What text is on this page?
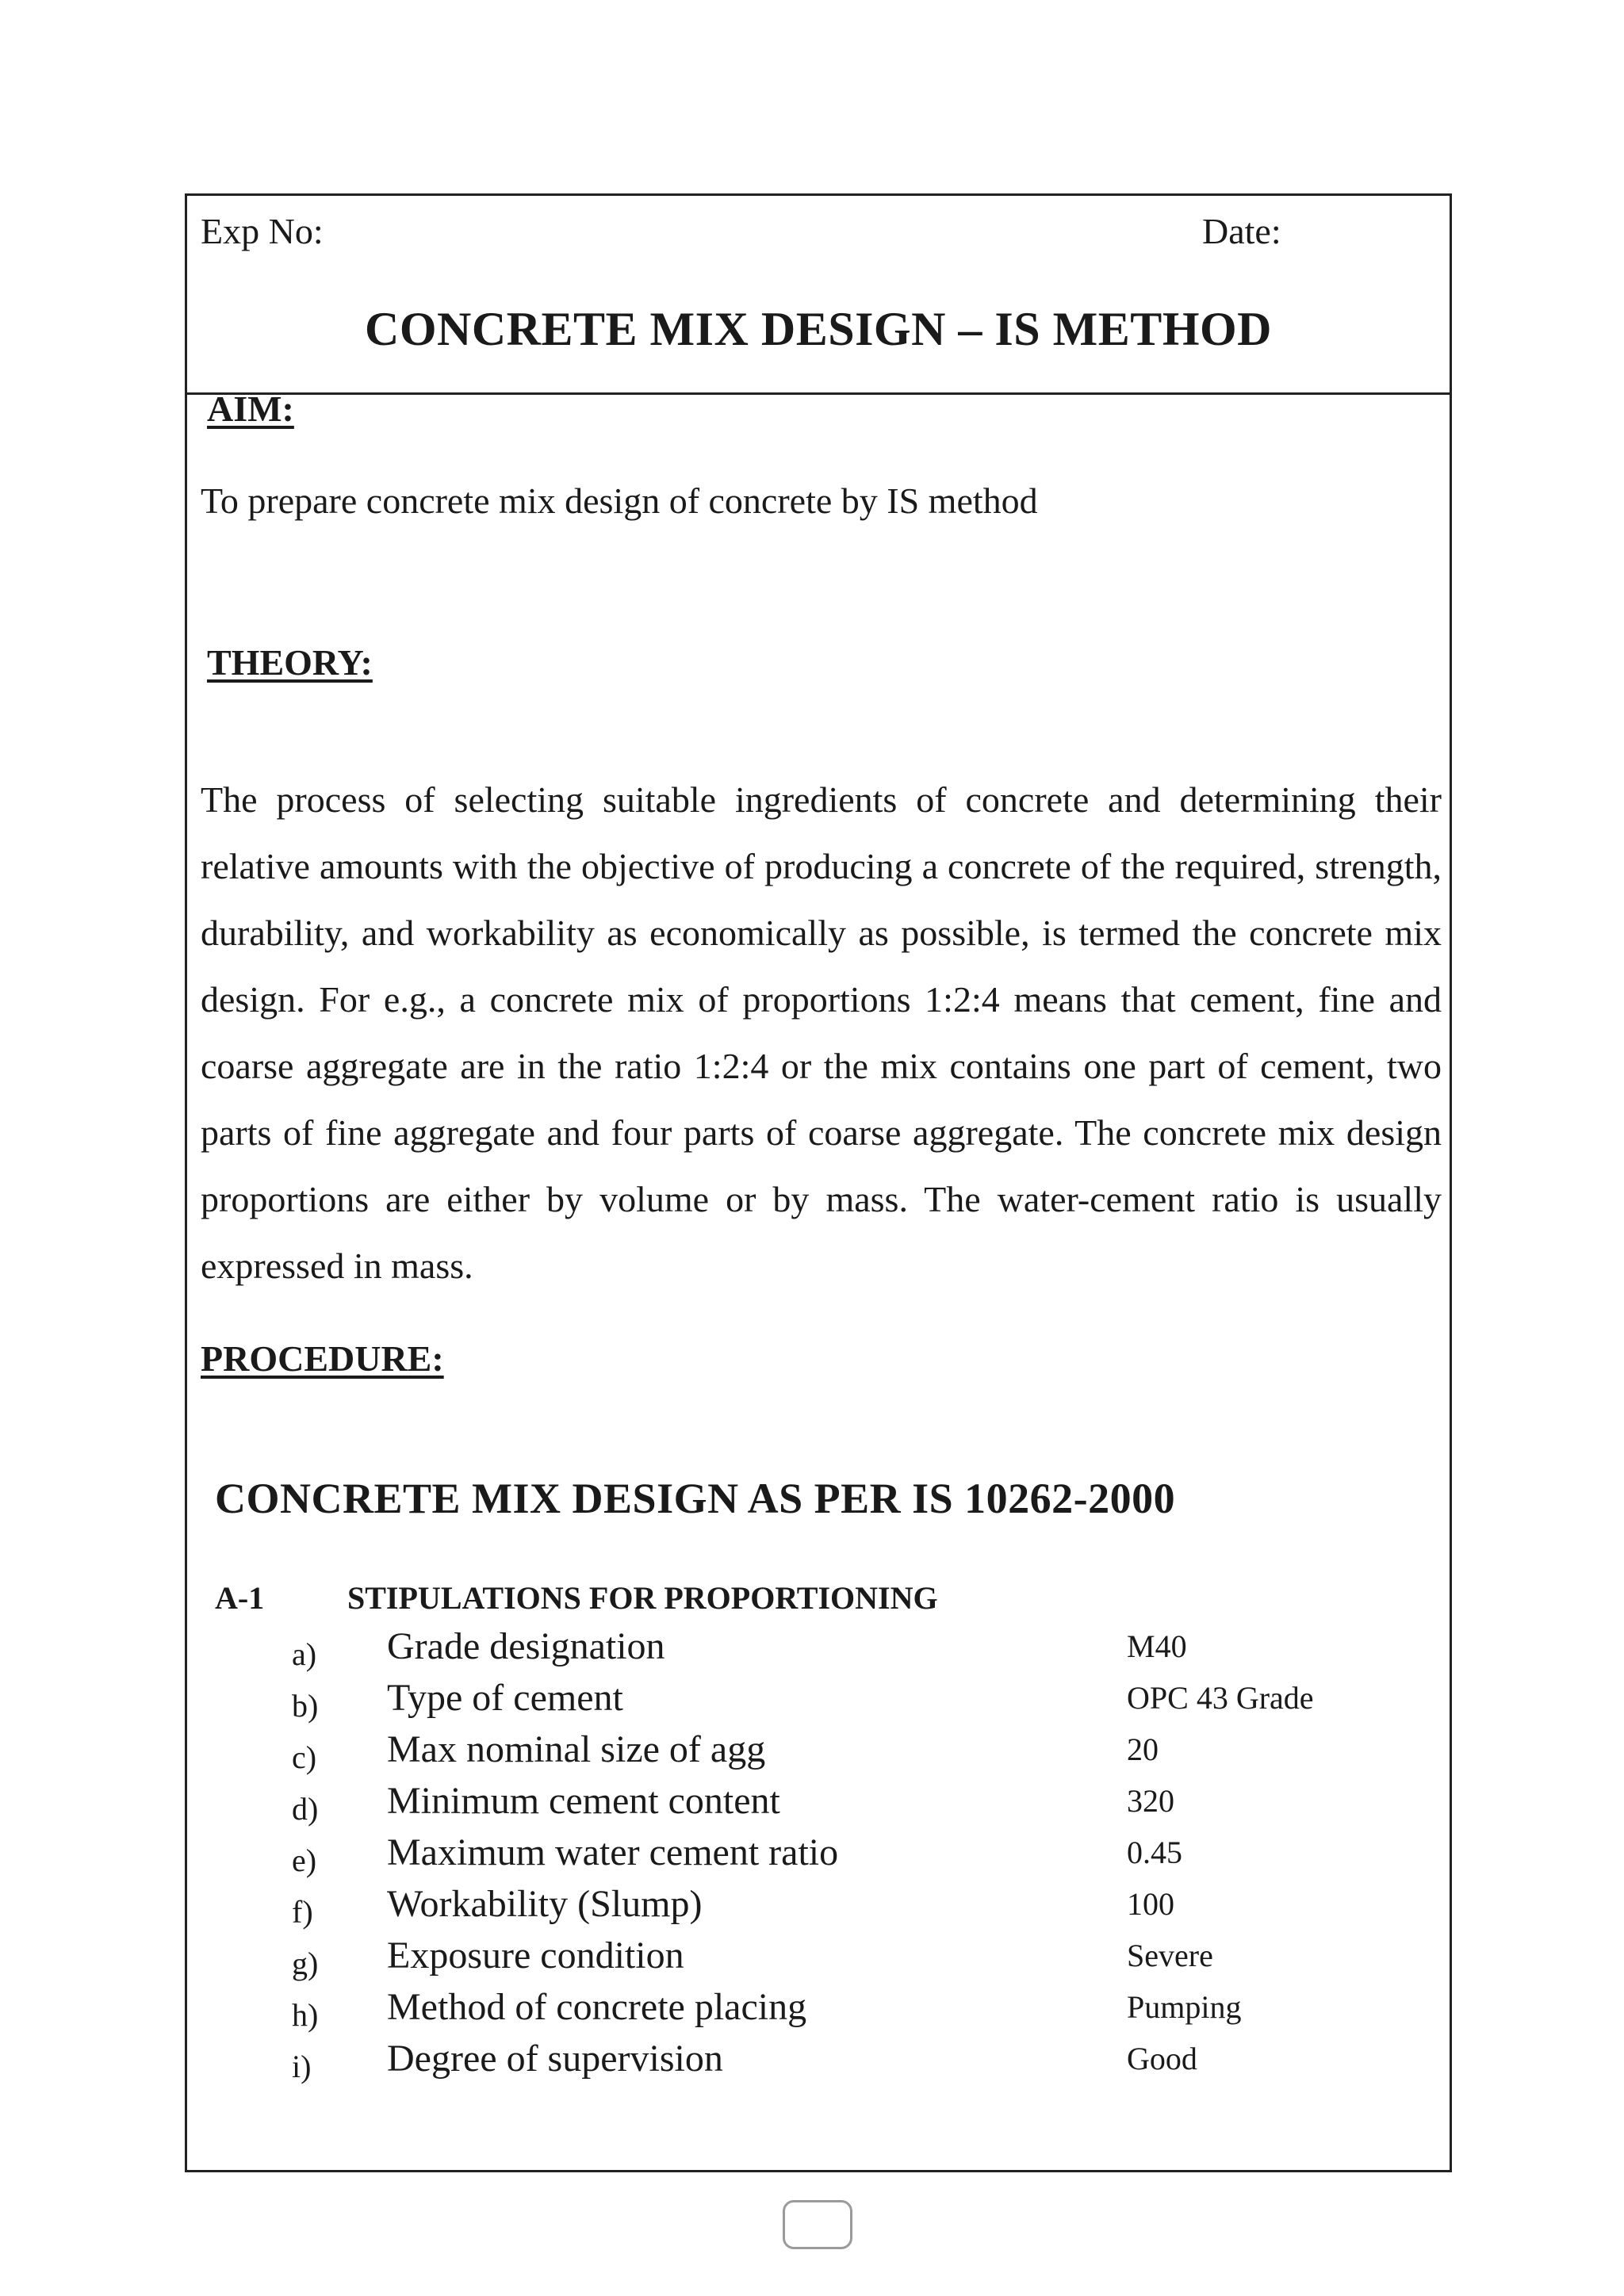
Exp No:	Date:
CONCRETE MIX DESIGN – IS METHOD
AIM:
To prepare concrete mix design of concrete by IS method
THEORY:
The process of selecting suitable ingredients of concrete and determining their relative amounts with the objective of producing a concrete of the required, strength, durability, and workability as economically as possible, is termed the concrete mix design. For e.g., a concrete mix of proportions 1:2:4 means that cement, fine and coarse aggregate are in the ratio 1:2:4 or the mix contains one part of cement, two parts of fine aggregate and four parts of coarse aggregate. The concrete mix design proportions are either by volume or by mass. The water-cement ratio is usually expressed in mass.
PROCEDURE:
CONCRETE MIX DESIGN AS PER IS 10262-2000
A-1	STIPULATIONS FOR PROPORTIONING
a) Grade designation	M40
b) Type of cement	OPC 43 Grade
c) Max nominal size of agg	20
d) Minimum cement content	320
e) Maximum water cement ratio	0.45
f) Workability (Slump)	100
g) Exposure condition	Severe
h) Method of concrete placing	Pumping
i) Degree of supervision	Good
